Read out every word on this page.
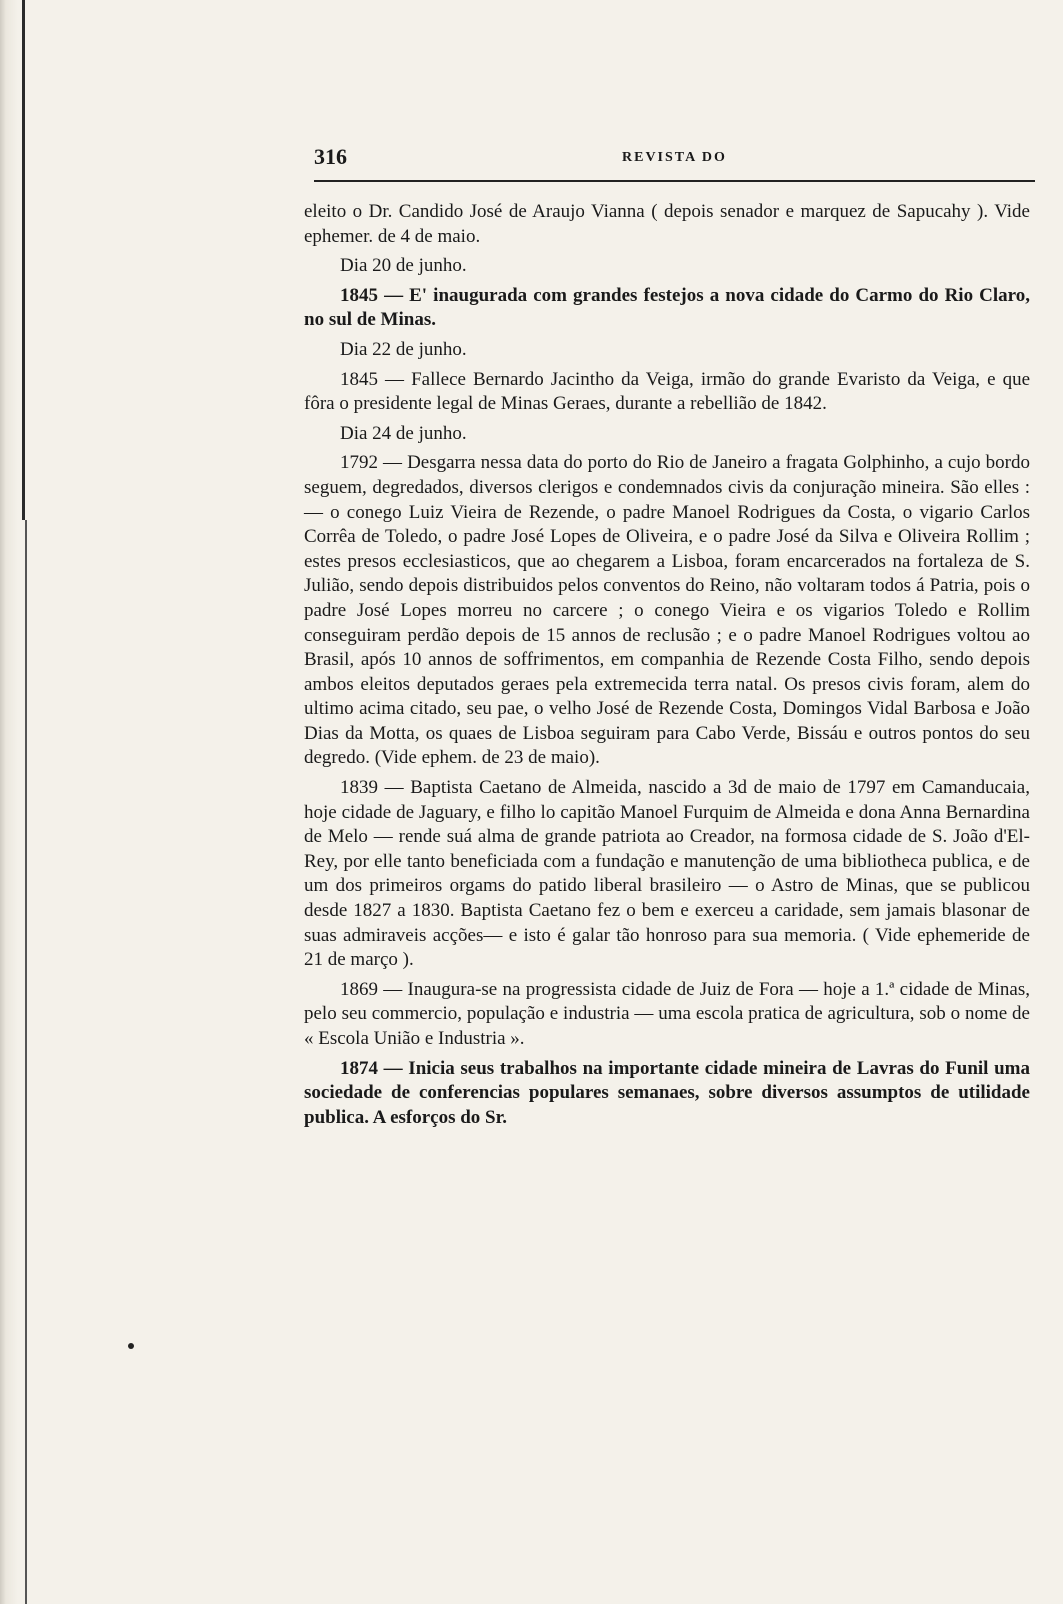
316	REVISTA DO

eleito o Dr. Candido José de Araujo Vianna ( depois senador e marquez de Sapucahy ). Vide ephemer. de 4 de maio.

Dia 20 de junho.

1845 — E' inaugurada com grandes festejos a nova cidade do Carmo do Rio Claro, no sul de Minas.

Dia 22 de junho.

1845 — Fallece Bernardo Jacintho da Veiga, irmão do grande Evaristo da Veiga, e que fôra o presidente legal de Minas Geraes, durante a rebellião de 1842.

Dia 24 de junho.

1792 — Desgarra nessa data do porto do Rio de Janeiro a fragata Golphinho, a cujo bordo seguem, degredados, diversos clerigos e condemnados civis da conjuração mineira. São elles : — o conego Luiz Vieira de Rezende, o padre Manoel Rodrigues da Costa, o vigario Carlos Corrêa de Toledo, o padre José Lopes de Oliveira, e o padre José da Silva e Oliveira Rollim ; estes presos ecclesiasticos, que ao chegarem a Lisboa, foram encarcerados na fortaleza de S. Julião, sendo depois distribuidos pelos conventos do Reino, não voltaram todos á Patria, pois o padre José Lopes morreu no carcere ; o conego Vieira e os vigarios Toledo e Rollim conseguiram perdão depois de 15 annos de reclusão ; e o padre Manoel Rodrigues voltou ao Brasil, após 10 annos de soffrimentos, em companhia de Rezende Costa Filho, sendo depois ambos eleitos deputados geraes pela extremecida terra natal. Os presos civis foram, alem do ultimo acima citado, seu pae, o velho José de Rezende Costa, Domingos Vidal Barbosa e João Dias da Motta, os quaes de Lisboa seguiram para Cabo Verde, Bissáu e outros pontos do seu degredo. (Vide ephem. de 23 de maio).

1839 — Baptista Caetano de Almeida, nascido a 3d de maio de 1797 em Camanducaia, hoje cidade de Jaguary, e filho lo capitão Manoel Furquim de Almeida e dona Anna Bernardina de Melo — rende suá alma de grande patriota ao Creador, na formosa cidade de S. João d'El-Rey, por elle tanto beneficiada com a fundação e manutenção de uma bibliotheca publica, e de um dos primeiros orgams do patido liberal brasileiro — o Astro de Minas, que se publicou desde 1827 a 1830. Baptista Caetano fez o bem e exerceu a caridade, sem jamais blasonar de suas admiraveis acções— e isto é galar tão honroso para sua memoria. ( Vide ephemeride de 21 de março ).

1869 — Inaugura-se na progressista cidade de Juiz de Fora — hoje a 1.ª cidade de Minas, pelo seu commercio, população e industria — uma escola pratica de agricultura, sob o nome de « Escola União e Industria ».

1874 — Inicia seus trabalhos na importante cidade mineira de Lavras do Funil uma sociedade de conferencias populares semanaes, sobre diversos assumptos de utilidade publica. A esforços do Sr.
